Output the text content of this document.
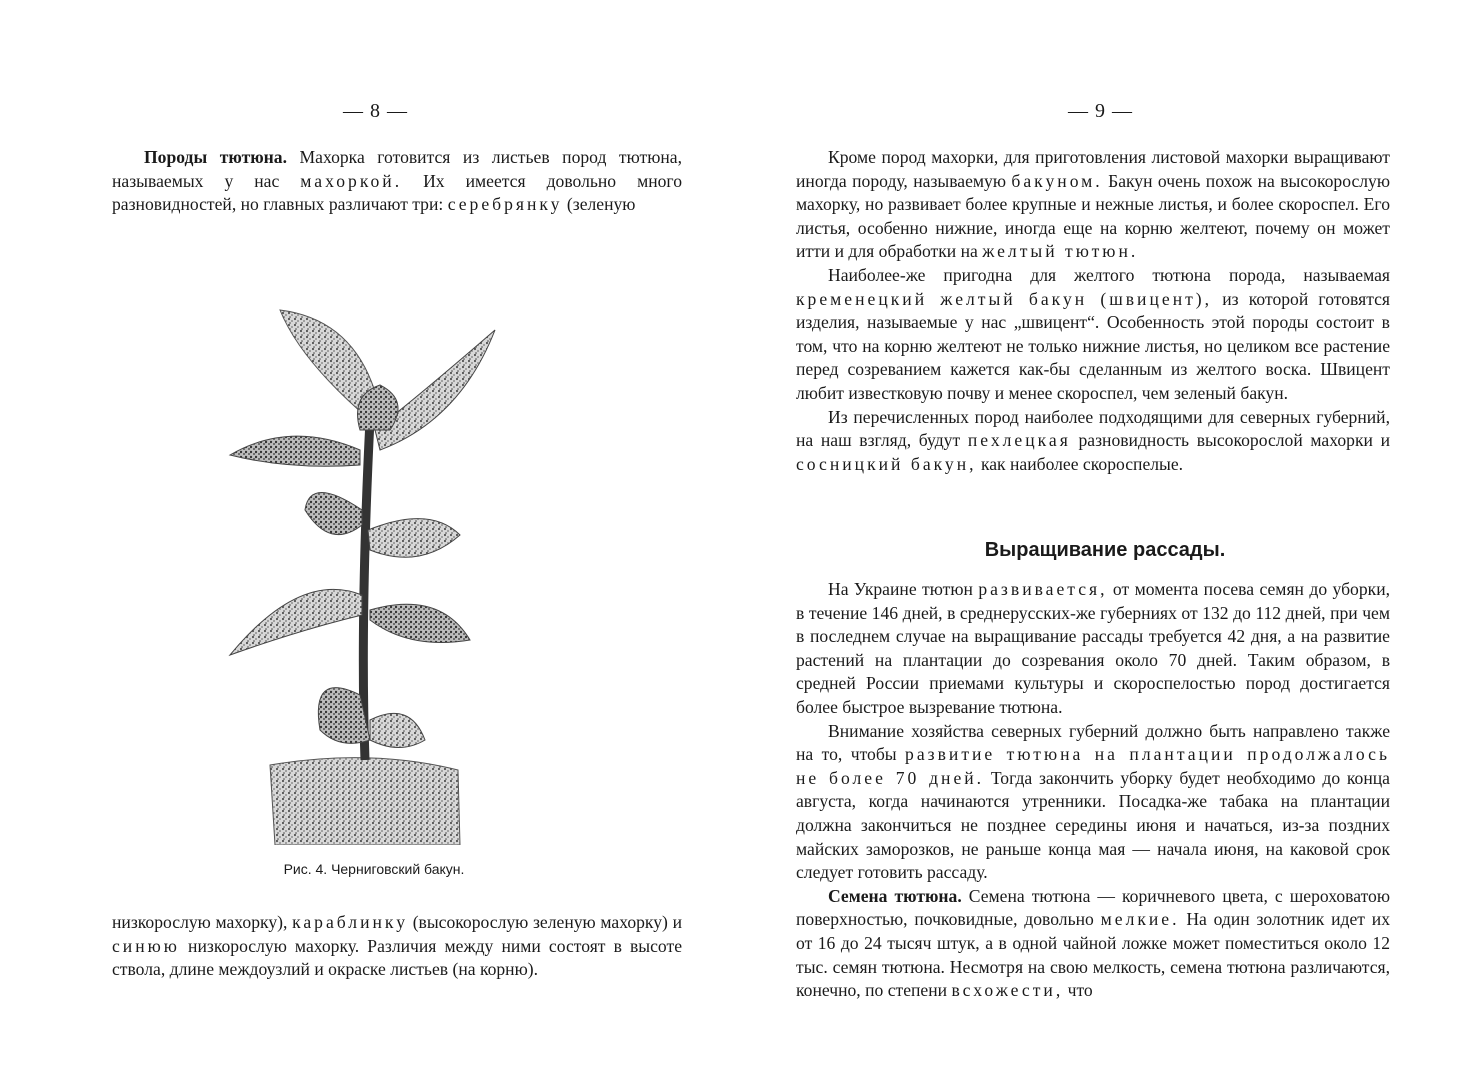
— 8 —

Породы тютюна. Махорка готовится из листьев пород тютюна, называемых у нас махоркой. Их имеется довольно много разновидностей, но главных различают три: серебрянку (зеленую

Рис. 4. Черниговский бакун.

низкорослую махорку), караблинку (высокорослую зеленую махорку) и синюю низкорослую махорку. Различия между ними состоят в высоте ствола, длине междоузлий и окраске листьев (на корню).

— 9 —

Кроме пород махорки, для приготовления листовой махорки выращивают иногда породу, называемую бакуном. Бакун очень похож на высокорослую махорку, но развивает более крупные и нежные листья, и более скороспел. Его листья, особенно нижние, иногда еще на корню желтеют, почему он может итти и для обработки на желтый тютюн.

Наиболее-же пригодна для желтого тютюна порода, называемая кременецкий желтый бакун (швицент), из которой готовятся изделия, называемые у нас „швицент“. Особенность этой породы состоит в том, что на корню желтеют не только нижние листья, но целиком все растение перед созреванием кажется как-бы сделанным из желтого воска. Швицент любит известковую почву и менее скороспел, чем зеленый бакун.

Из перечисленных пород наиболее подходящими для северных губерний, на наш взгляд, будут пехлецкая разновидность высокорослой махорки и сосницкий бакун, как наиболее скороспелые.

Выращивание рассады.

На Украине тютюн развивается, от момента посева семян до уборки, в течение 146 дней, в среднерусских-же губерниях от 132 до 112 дней, при чем в последнем случае на выращивание рассады требуется 42 дня, а на развитие растений на плантации до созревания около 70 дней. Таким образом, в средней России приемами культуры и скороспелостью пород достигается более быстрое вызревание тютюна.

Внимание хозяйства северных губерний должно быть направлено также на то, чтобы развитие тютюна на плантации продолжалось не более 70 дней. Тогда закончить уборку будет необходимо до конца августа, когда начинаются утренники. Посадка-же табака на плантации должна закончиться не позднее середины июня и начаться, из-за поздних майских заморозков, не раньше конца мая — начала июня, на каковой срок следует готовить рассаду.

Семена тютюна. Семена тютюна — коричневого цвета, с шероховатою поверхностью, почковидные, довольно мелкие. На один золотник идет их от 16 до 24 тысяч штук, а в одной чайной ложке может поместиться около 12 тыс. семян тютюна. Несмотря на свою мелкость, семена тютюна различаются, конечно, по степени всхожести, что
